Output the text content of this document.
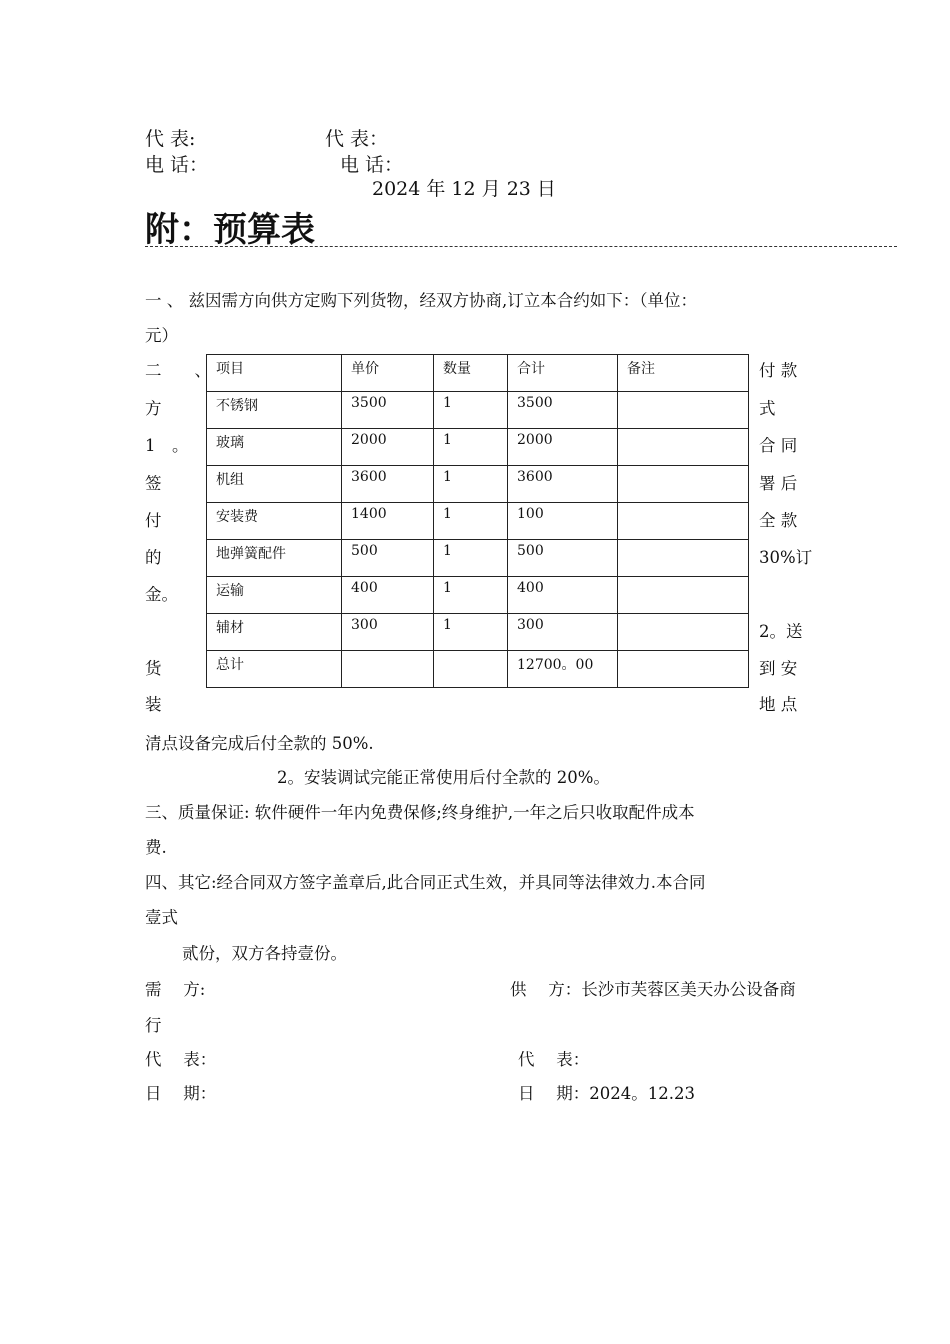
代 表:	代 表：
电 话：	电 话：
2024 年 12 月 23 日
附：预算表
一 、 兹因需方向供方定购下列货物，经双方协商,订立本合约如下：（单位：
元）
二　　、
方
1　。
签
付
的
金。
货
装
付 款
式
合 同
署 后
全 款
30%订
2。送
到 安
地 点
项目	单价	数量	合计	备注
不锈钢	3500	1	3500	
玻璃	2000	1	2000	
机组	3600	1	3600	
安装费	1400	1	100	
地弹簧配件	500	1	500	
运输	400	1	400	
辅材	300	1	300	
总计			12700。00	
清点设备完成后付全款的 50%.
2。安装调试完能正常使用后付全款的 20%。
三、质量保证: 软件硬件一年内免费保修;终身维护,一年之后只收取配件成本
费.
四、其它:经合同双方签字盖章后,此合同正式生效，并具同等法律效力.本合同
壹式
贰份，双方各持壹份。
需　 方:	供　 方：长沙市芙蓉区美天办公设备商
行
代　 表：	代　 表：
日　 期：	日　 期：2024。12.23
